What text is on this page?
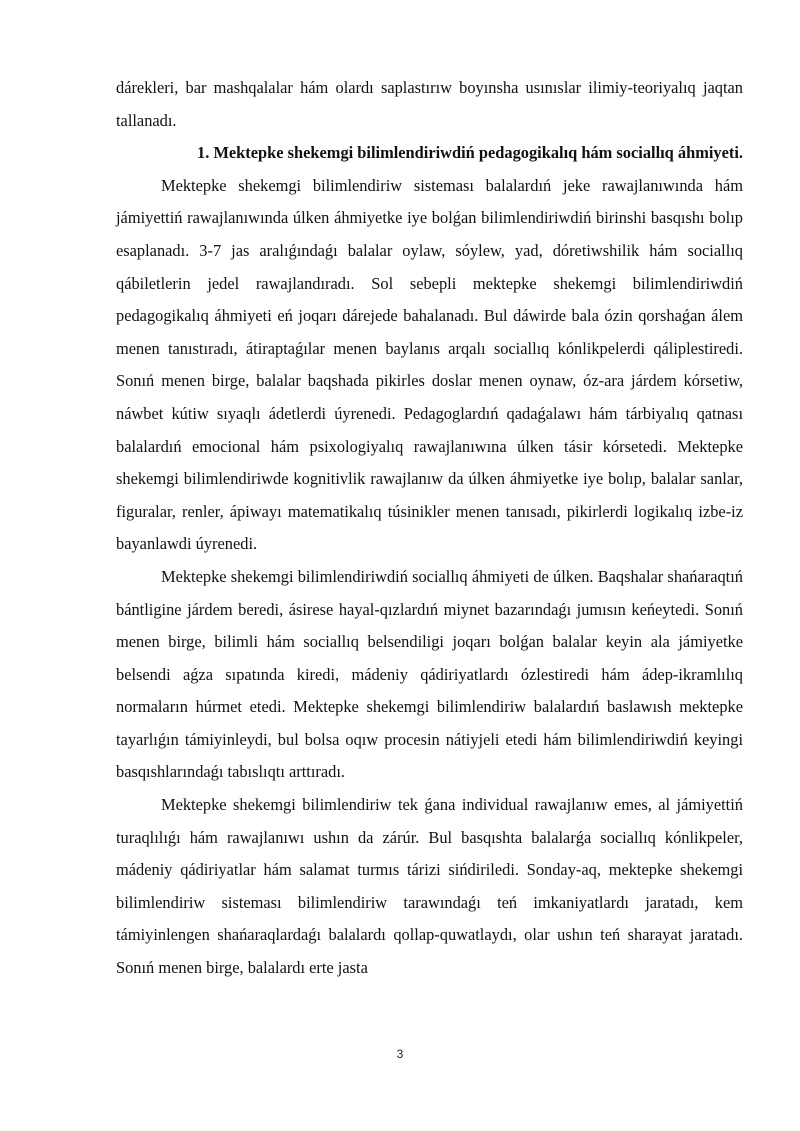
dárekleri, bar mashqalalar hám olardı saplastırıw boyınsha usınıslar ilimiy-teoriyalıq jaqtan tallanadı.

1. Mektepke shekemgi bilimlendiriwdiń pedagogikalıq hám sociallıq áhmiyeti.

Mektepke shekemgi bilimlendiriw sisteması balalardıń jeke rawajlanıwında hám jámiyettiń rawajlanıwında úlken áhmiyetke iye bolǵan bilimlendiriwdiń birinshi basqıshı bolıp esaplanadı. 3-7 jas aralıǵındaǵı balalar oylaw, sóylew, yad, dóretiwshilik hám sociallıq qábiletlerin jedel rawajlandıradı. Sol sebepli mektepke shekemgi bilimlendiriwdiń pedagogikalıq áhmiyeti eń joqarı dárejede bahalanadı. Bul dáwirde bala ózin qorshaǵan álem menen tanıstıradı, átiraptaǵılar menen baylanıs arqalı sociallıq kónlikpelerdi qáliplestiredi. Sonıń menen birge, balalar baqshada pikirles doslar menen oynaw, óz-ara járdem kórsetiw, náwbet kútiw sıyaqlı ádetlerdi úyrenedi. Pedagoglardıń qadaǵalawı hám tárbiyalıq qatnası balalardıń emocional hám psixologiyalıq rawajlanıwına úlken tásir kórsetedi. Mektepke shekemgi bilimlendiriwde kognitivlik rawajlanıw da úlken áhmiyetke iye bolıp, balalar sanlar, figuralar, renler, ápiwayı matematikalıq túsinikler menen tanısadı, pikirlerdi logikalıq izbe-iz bayanlawdi úyrenedi.

Mektepke shekemgi bilimlendiriwdiń sociallıq áhmiyeti de úlken. Baqshalar shańaraqtıń bántligine járdem beredi, ásirese hayal-qızlardıń miynet bazarındaǵı jumısın keńeytedi. Sonıń menen birge, bilimli hám sociallıq belsendiligi joqarı bolǵan balalar keyin ala jámiyetke belsendi aǵza sıpatında kiredi, mádeniy qádiriyatlardı ózlestiredi hám ádep-ikramlılıq normaların húrmet etedi. Mektepke shekemgi bilimlendiriw balalardıń baslawısh mektepke tayarlıǵın támiyinleydi, bul bolsa oqıw procesin nátiyjeli etedi hám bilimlendiriwdiń keyingi basqıshlarındaǵı tabıslıqtı arttıradı.

Mektepke shekemgi bilimlendiriw tek ǵana individual rawajlanıw emes, al jámiyettiń turaqlılıǵı hám rawajlanıwı ushın da zárúr. Bul basqıshta balalarǵa sociallıq kónlikpeler, mádeniy qádiriyatlar hám salamat turmıs tárizi sińdiriledi. Sonday-aq, mektepke shekemgi bilimlendiriw sisteması bilimlendiriw tarawındaǵı teń imkaniyatlardı jaratadı, kem támiyinlengen shańaraqlardaǵı balalardı qollap-quwatlaydı, olar ushın teń sharayat jaratadı. Sonıń menen birge, balalardı erte jasta

3
